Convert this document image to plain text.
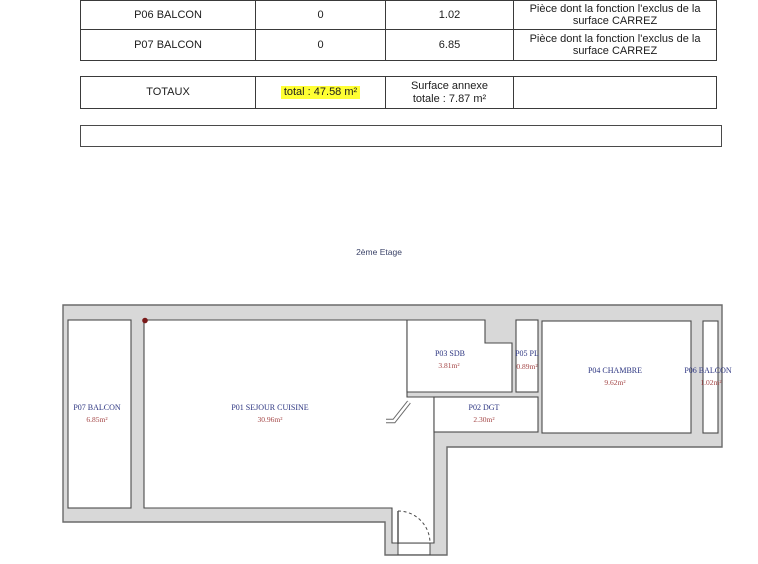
P06 BALCON	0	1.02
Pièce dont la fonction l'exclus de la
surface CARREZ
P07 BALCON	0	6.85
Pièce dont la fonction l'exclus de la
surface CARREZ
TOTAUX	total : 47.58 m²
Surface annexe
totale : 7.87 m²
2ème Etage
P07 BALCON
6.85m²
P01 SEJOUR CUISINE
30.96m²
P03 SDB
3.81m²
P05 PL
0.89m²
P02 DGT
2.30m²
P04 CHAMBRE
9.62m²
P06 BALCON
1.02m²
